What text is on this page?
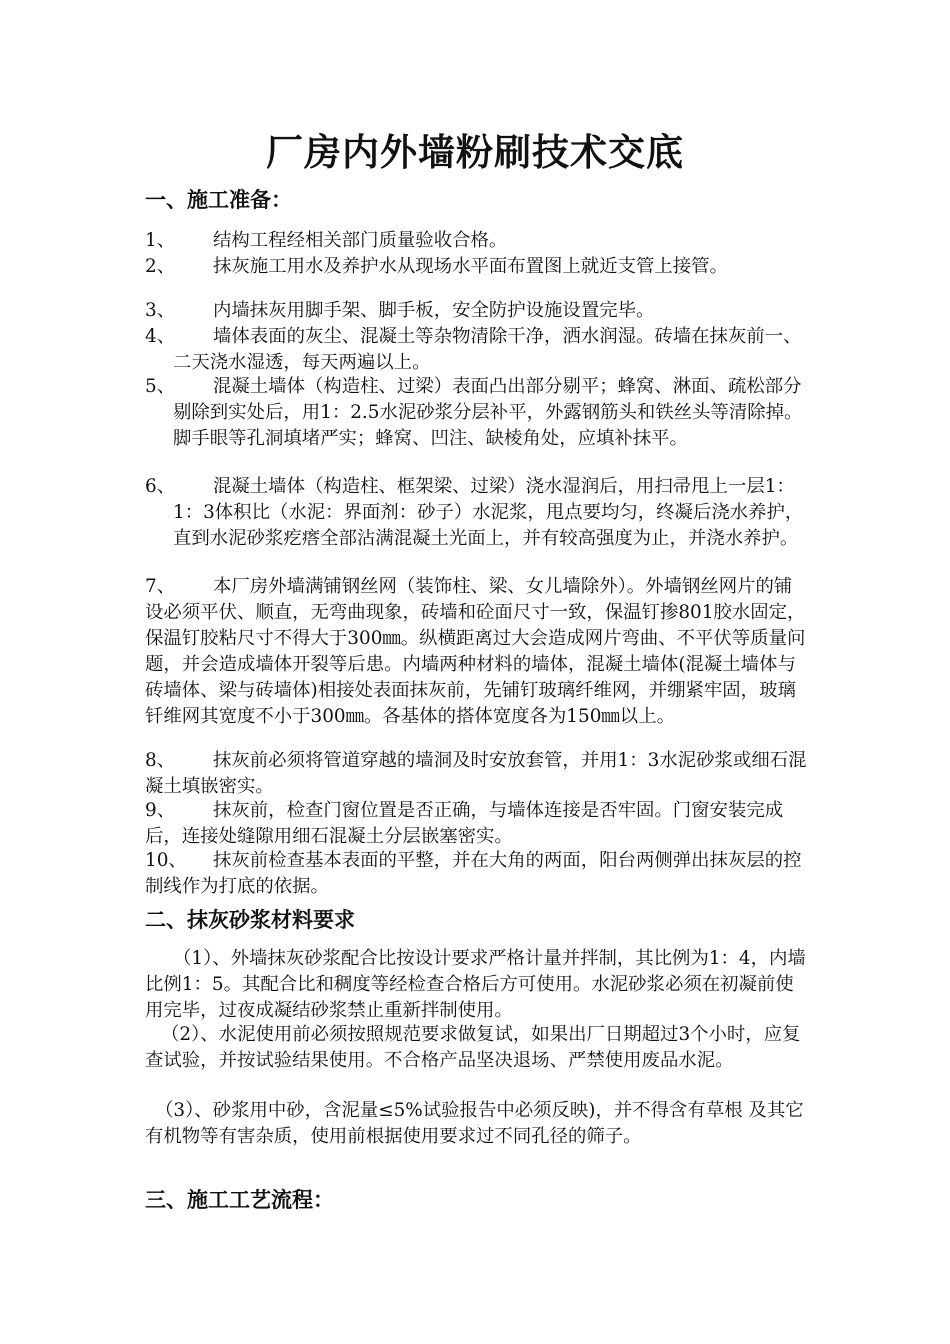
厂房内外墙粉刷技术交底
一、施工准备：
1、	结构工程经相关部门质量验收合格。
2、	抹灰施工用水及养护水从现场水平面布置图上就近支管上接管。
3、	内墙抹灰用脚手架、脚手板，安全防护设施设置完毕。
4、	墙体表面的灰尘、混凝土等杂物清除干净，洒水润湿。砖墙在抹灰前一、二天浇水湿透，每天两遍以上。
5、	混凝土墙体（构造柱、过梁）表面凸出部分剔平；蜂窝、淋面、疏松部分剔除到实处后，用1：2.5水泥砂浆分层补平，外露钢筋头和铁丝头等清除掉。脚手眼等孔洞填堵严实；蜂窝、凹注、缺棱角处，应填补抹平。
6、	混凝土墙体（构造柱、框架梁、过梁）浇水湿润后，用扫帚甩上一层1：1：3体积比（水泥：界面剂：砂子）水泥浆，甩点要均匀，终凝后浇水养护，直到水泥砂浆疙瘩全部沾满混凝土光面上，并有较高强度为止，并浇水养护。
7、	本厂房外墙满铺钢丝网（装饰柱、梁、女儿墙除外）。外墙钢丝网片的铺设必须平伏、顺直，无弯曲现象，砖墙和砼面尺寸一致，保温钉掺801胶水固定，保温钉胶粘尺寸不得大于300㎜。纵横距离过大会造成网片弯曲、不平伏等质量问题，并会造成墙体开裂等后患。内墙两种材料的墙体，混凝土墙体(混凝土墙体与砖墙体、梁与砖墙体)相接处表面抹灰前，先铺钉玻璃纤维网，并绷紧牢固，玻璃钎维网其宽度不小于300㎜。各基体的搭体宽度各为150㎜以上。
8、	抹灰前必须将管道穿越的墙洞及时安放套管，并用1：3水泥砂浆或细石混凝土填嵌密实。
9、	抹灰前，检查门窗位置是否正确，与墙体连接是否牢固。门窗安装完成后，连接处缝隙用细石混凝土分层嵌塞密实。
10、	抹灰前检查基本表面的平整，并在大角的两面，阳台两侧弹出抹灰层的控制线作为打底的依据。
二、抹灰砂浆材料要求
（1）、外墙抹灰砂浆配合比按设计要求严格计量并拌制，其比例为1：4，内墙比例1：5。其配合比和稠度等经检查合格后方可使用。水泥砂浆必须在初凝前使用完毕，过夜成凝结砂浆禁止重新拌制使用。
（2）、水泥使用前必须按照规范要求做复试，如果出厂日期超过3个小时，应复查试验，并按试验结果使用。不合格产品坚决退场、严禁使用废品水泥。
（3）、砂浆用中砂，含泥量≤5%试验报告中必须反映)，并不得含有草根 及其它有机物等有害杂质，使用前根据使用要求过不同孔径的筛子。
三、施工工艺流程：
